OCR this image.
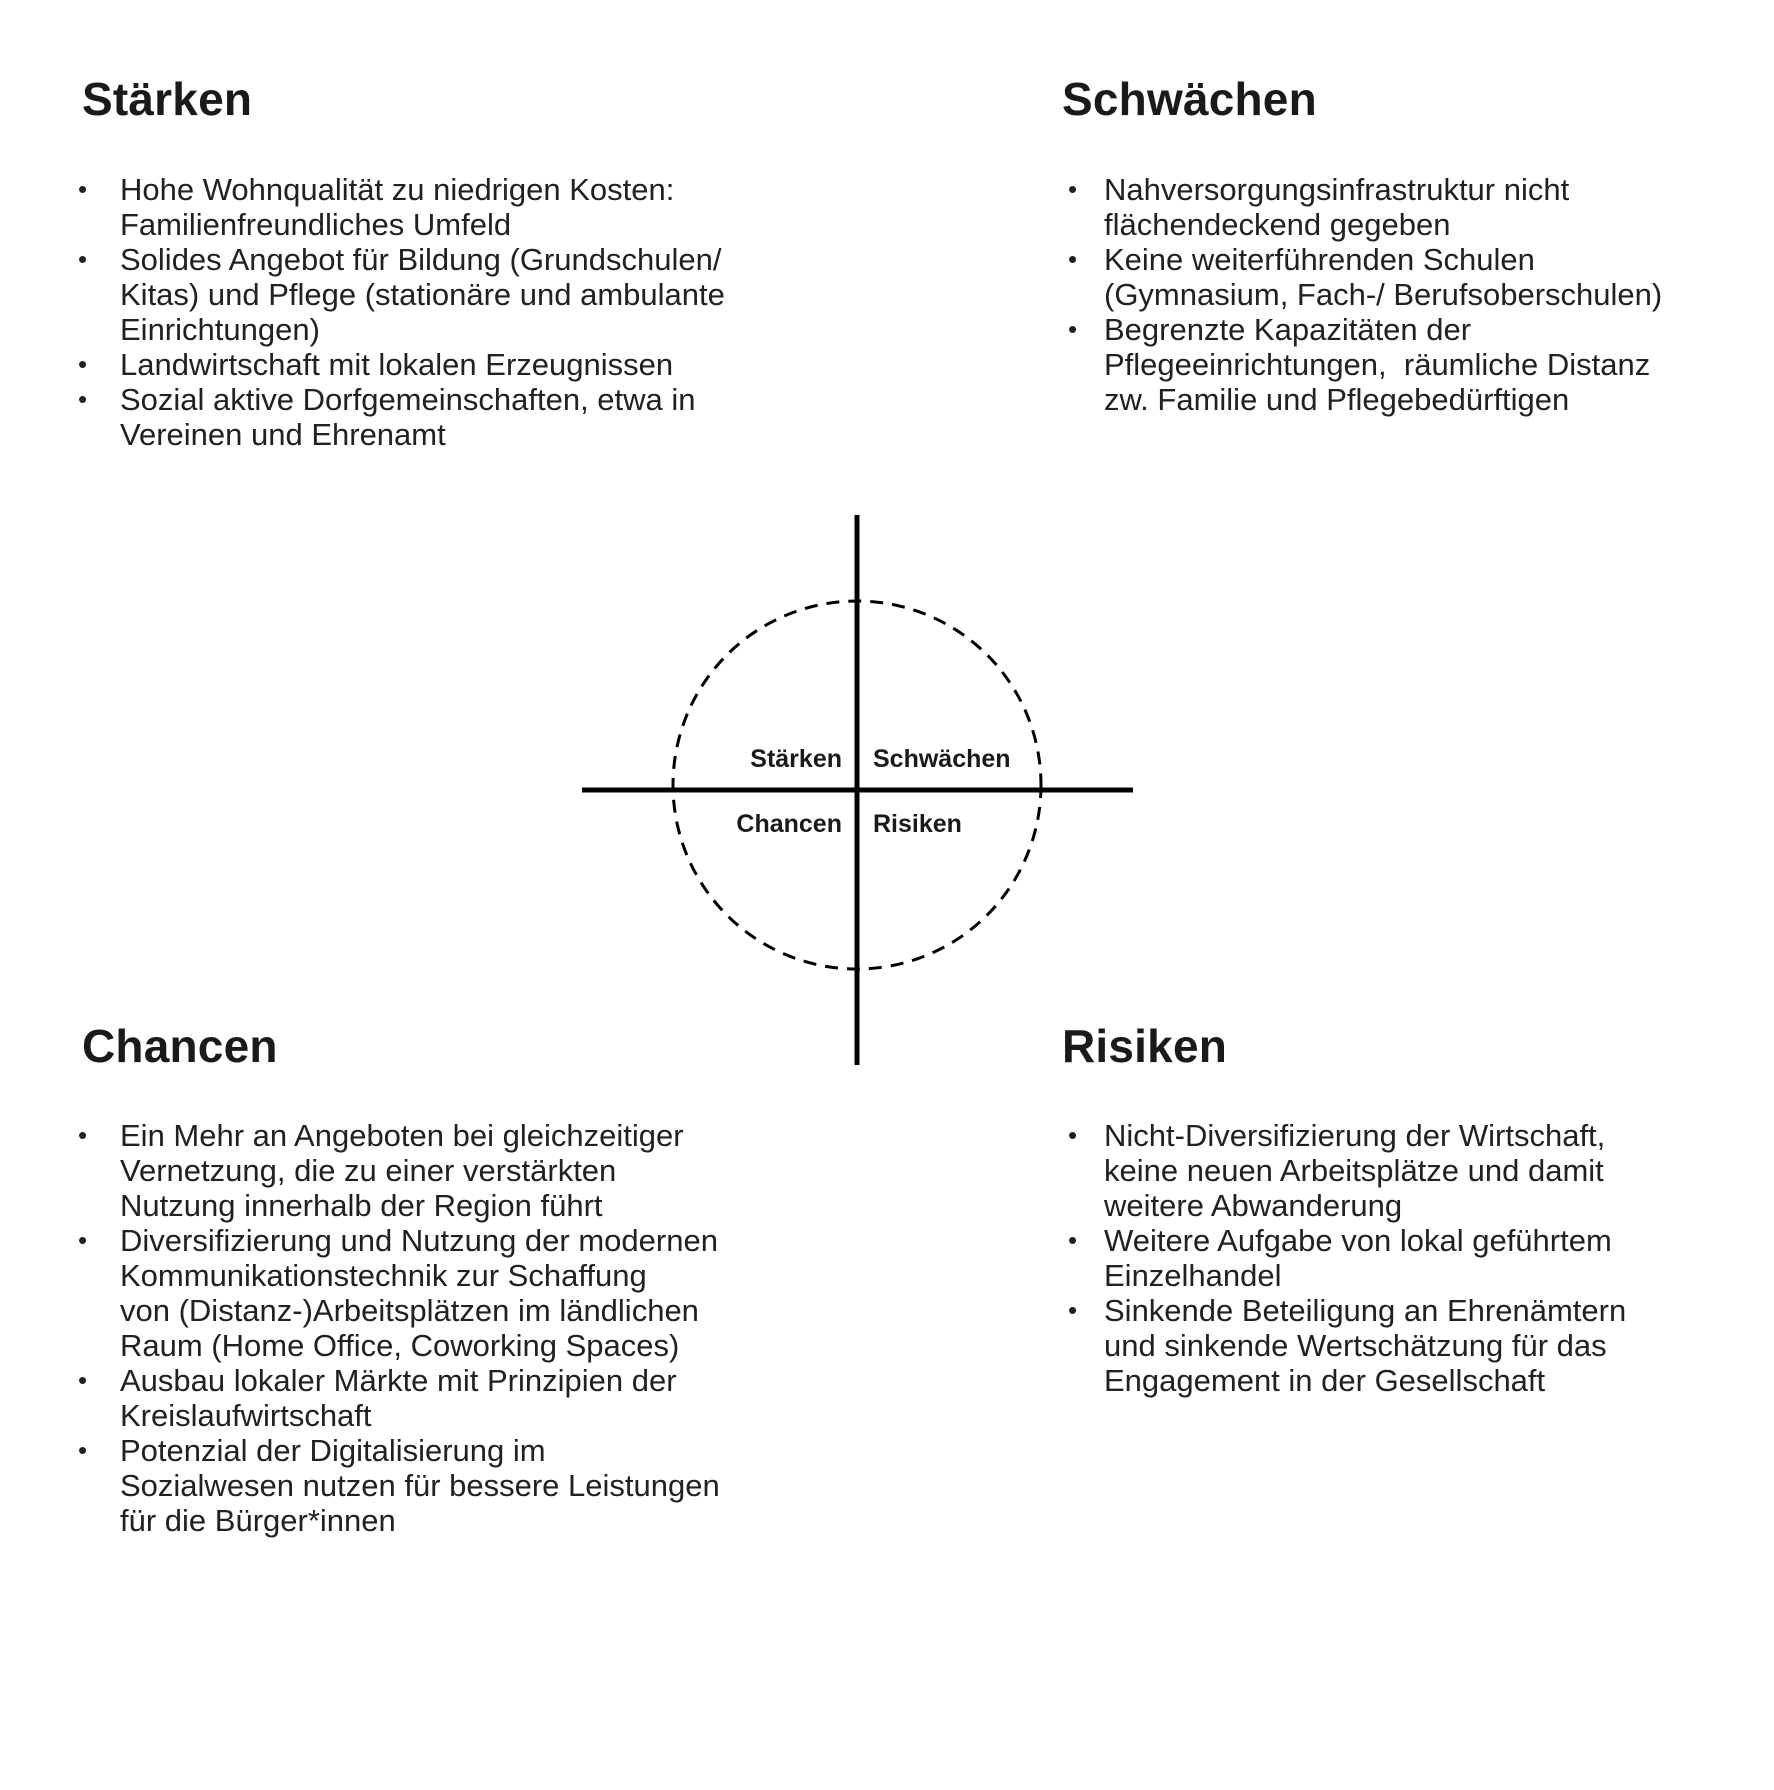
Stärken
•	Hohe Wohnqualität zu niedrigen Kosten:
Familienfreundliches Umfeld
•	Solides Angebot für Bildung (Grundschulen/
Kitas) und Pflege (stationäre und ambulante
Einrichtungen)
•	Landwirtschaft mit lokalen Erzeugnissen
•	Sozial aktive Dorfgemeinschaften, etwa in
Vereinen und Ehrenamt
Schwächen
• Nahversorgungsinfrastruktur nicht
flächendeckend gegeben
• Keine weiterführenden Schulen
(Gymnasium, Fach-/ Berufsoberschulen)
• Begrenzte Kapazitäten der
Pflegeeinrichtungen,  räumliche Distanz
zw. Familie und Pflegebedürftigen
Stärken Schwächen
Chancen Risiken
Chancen
•	Ein Mehr an Angeboten bei gleichzeitiger
Vernetzung, die zu einer verstärkten
Nutzung innerhalb der Region führt
•	Diversifizierung und Nutzung der modernen
Kommunikationstechnik zur Schaffung
von (Distanz-)Arbeitsplätzen im ländlichen
Raum (Home Office, Coworking Spaces)
•	Ausbau lokaler Märkte mit Prinzipien der
Kreislaufwirtschaft
•	Potenzial der Digitalisierung im
Sozialwesen nutzen für bessere Leistungen
für die Bürger*innen
Risiken
• Nicht-Diversifizierung der Wirtschaft,
keine neuen Arbeitsplätze und damit
weitere Abwanderung
• Weitere Aufgabe von lokal geführtem
Einzelhandel
• Sinkende Beteiligung an Ehrenämtern
und sinkende Wertschätzung für das
Engagement in der Gesellschaft
